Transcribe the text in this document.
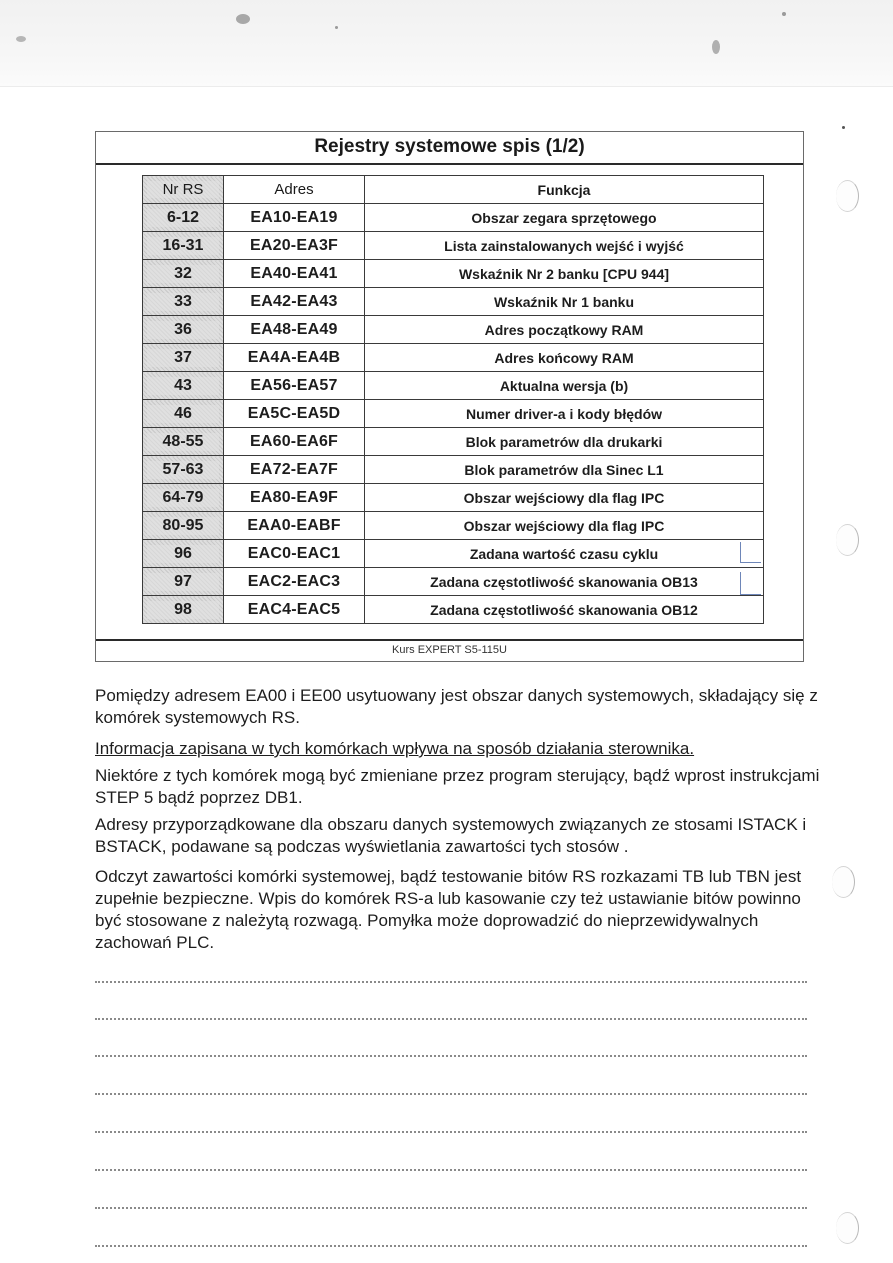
Rejestry systemowe spis (1/2)
Nr RS	Adres	Funkcja
6-12	EA10-EA19	Obszar zegara sprzętowego
16-31	EA20-EA3F	Lista zainstalowanych wejść i wyjść
32	EA40-EA41	Wskaźnik Nr 2 banku [CPU 944]
33	EA42-EA43	Wskaźnik Nr 1 banku
36	EA48-EA49	Adres początkowy RAM
37	EA4A-EA4B	Adres końcowy RAM
43	EA56-EA57	Aktualna wersja (b)
46	EA5C-EA5D	Numer driver-a i kody błędów
48-55	EA60-EA6F	Blok parametrów dla drukarki
57-63	EA72-EA7F	Blok parametrów dla Sinec L1
64-79	EA80-EA9F	Obszar wejściowy dla flag IPC
80-95	EAA0-EABF	Obszar wejściowy dla flag IPC
96	EAC0-EAC1	Zadana wartość czasu cyklu
97	EAC2-EAC3	Zadana częstotliwość skanowania OB13
98	EAC4-EAC5	Zadana częstotliwość skanowania OB12
Kurs EXPERT S5-115U
Pomiędzy adresem EA00 i EE00 usytuowany jest obszar danych systemowych, składający się z komórek systemowych RS.
Informacja zapisana w tych komórkach wpływa na sposób działania sterownika.
Niektóre z tych komórek mogą być zmieniane przez program sterujący, bądź wprost instrukcjami STEP 5 bądź poprzez DB1.
Adresy przyporządkowane dla obszaru danych systemowych związanych ze stosami ISTACK i BSTACK, podawane są podczas wyświetlania zawartości tych stosów .
Odczyt zawartości komórki systemowej, bądź testowanie bitów RS rozkazami TB lub TBN jest zupełnie bezpieczne. Wpis do komórek RS-a lub kasowanie czy też ustawianie bitów powinno być stosowane z należytą rozwagą. Pomyłka może doprowadzić do nieprzewidywalnych zachowań PLC.
